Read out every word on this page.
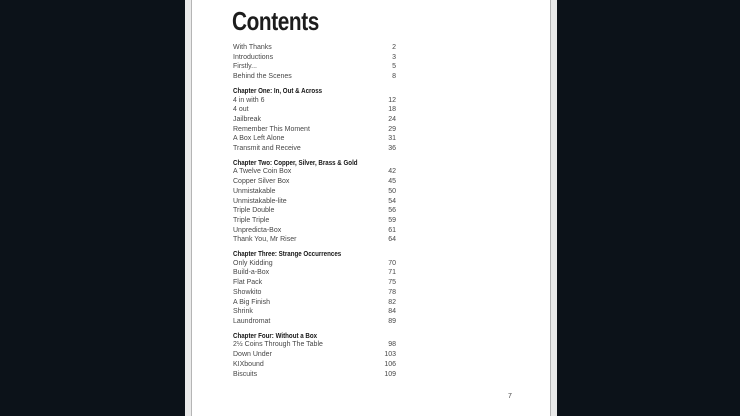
Contents
With Thanks	2
Introductions	3
Firstly...	5
Behind the Scenes	8
Chapter One: In, Out & Across
4 in with 6	12
4 out	18
Jailbreak	24
Remember This Moment	29
A Box Left Alone	31
Transmit and Receive	36
Chapter Two: Copper, Silver, Brass & Gold
A Twelve Coin Box	42
Copper Silver Box	45
Unmistakable	50
Unmistakable-lite	54
Triple Double	56
Triple Triple	59
Unpredicta-Box	61
Thank You, Mr Riser	64
Chapter Three: Strange Occurrences
Only Kidding	70
Build-a-Box	71
Flat Pack	75
Showkito	78
A Big Finish	82
Shrink	84
Laundromat	89
Chapter Four: Without a Box
2½ Coins Through The Table	98
Down Under	103
KIXbound	106
Biscuits	109
7
